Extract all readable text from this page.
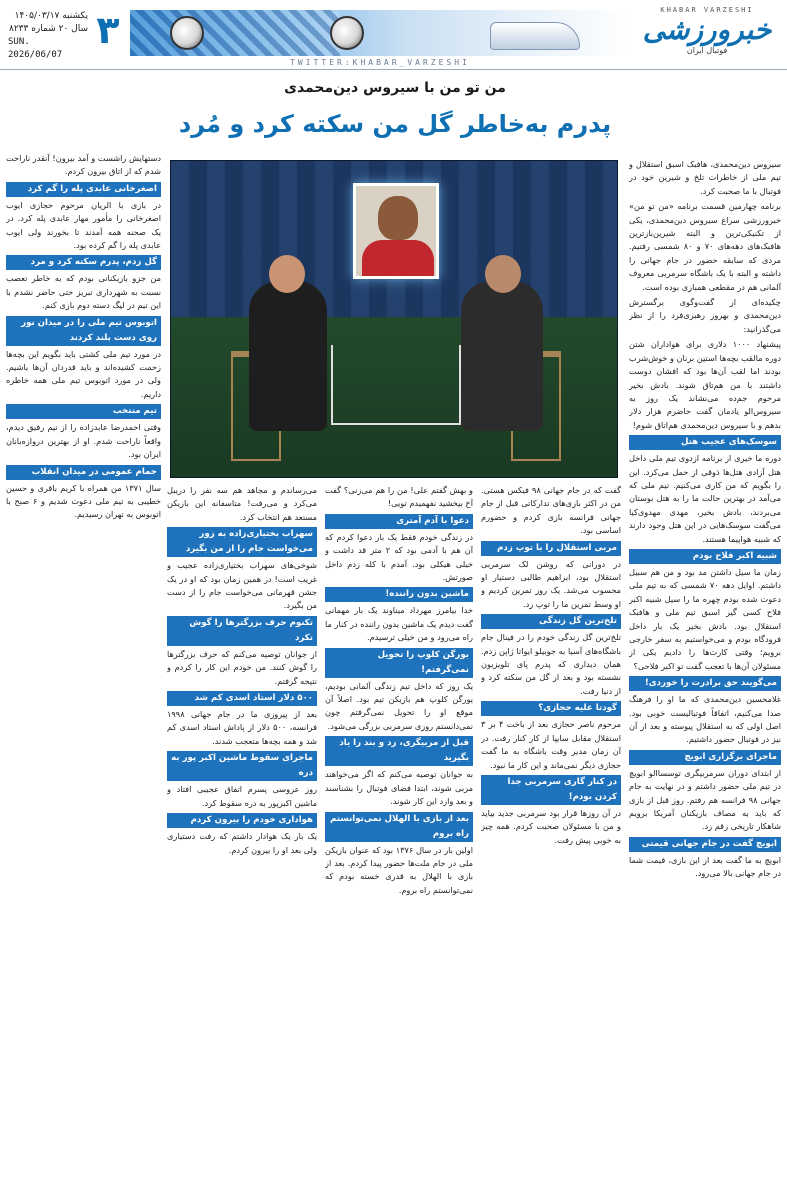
یکشنبه ۱۴۰۵/۰۳/۱۷
سال ۲۰ شماره ۸۲۳۳
SUN. 2026/06/07
۳
TWITTER:KHABAR_VARZESHI
KHABAR VARZESHI
خبرورزشی
فوتبال ایران
من تو من با سیروس دین‌محمدی
پدرم به‌خاطر گل من سکته کرد و مُرد

سیروس دین‌محمدی، هافبک اسبق استقلال و تیم ملی از خاطرات تلخ و شیرین خود در فوتبال با ما صحبت کرد.

برنامه چهارمین قسمت برنامه «من تو من» خبرورزشی سراغ سیروس دین‌محمدی، یکی از تکنیکی‌ترین و البته شیرین‌بازترین هافبک‌های دهه‌های ۷۰ و ۸۰ شمسی رفتیم. مردی که سابقه حضور در جام جهانی را داشته و البته با یک باشگاه سرمربی معروف آلمانی هم در مقطعی همبازی بوده است.

چکیده‌ای از گفت‌وگوی برگسترش دین‌محمدی و بهروز رهبری‌فرد را از نظر می‌گذرانید:

پیشنهاد ۱۰۰۰ دلاری برای هواداران شتن دوره ما‌لقب بچه‌ها استین برنان و خوش‌شرب بودند اما لقب آن‌ها بود که افشان دوست داشتند با من هم‌تاق شوند. بادش بخیر مرحوم جم‌ده می‌نشاند یک روز به سیروس‌الو یادمان گفت حاضرم هزار دلار بدهم و با سیروس دین‌محمدی هم‌اتاق شوم!

سوسک‌های عجیب هتل

دوره ما خیری از برنامه ازدوی تیم ملی داخل هتل آزادی هتل‌ها ذوقی از حمل می‌کرد. این را بگویم که من کاری می‌کنیم. تیم ملی که می‌آمد در بهترین حالت ما را به هتل بوستان می‌بردند، بادش بخیر، مهدی مهدوی‌کیا می‌گفت سوسک‌هایی در این هتل وجود دارند که شبیه هواپیما هستند.

شبیه اکبر فلاح بودم

زمان ما سیل داشتن مد بود و من هم سبیل داشتم. اوایل دهه ۷۰ شمسی که به تیم ملی دعوت شده بودم چهره ما را سیل شبیه اکبر فلاح کسی گیر اسبق تیم ملی و هافبک استقلال بود. بادش بخیر یک بار داخل فرودگاه بودم و می‌خواستیم به سفر خارجی برویم؛ وقتی کارت‌ها را دادیم یکی از مسئولان آن‌ها با تعجب گفت تو اکبر فلاحی؟

می‌گویند حق برادرت را خوردی!

غلامحسین دین‌محمدی که ما او را فرهنگ صدا می‌کنیم، اتفاقاً فوتبالیست خوبی بود. اصل اولی که به استقلال پیوسته و بعد از آن نیز در فوتبال حضور داشتیم.

ماجرای برگزاری ابویچ

از ابتدای دوران سرمربیگری توسساالو ابویچ در تیم ملی حضور داشتم و در نهایت به جام جهانی ۹۸ فرانسه هم رفتم. روز قبل از بازی که باید به مصاف بازیکنان آمریکا برویم شاهکار تاریخی رقم زد.

ابویچ گفت در جام جهانی قیمتی

ابویچ به ما گفت بعد از این بازی، قیمت شما در جام جهانی بالا می‌رود.

گفت که در جام جهانی ۹۸ فیکس هستی. من در اکثر بازی‌های تدارکاتی قبل از جام جهانی فرانسه بازی کردم و حضورم اساسی بود.

مربی استقلال را با توپ زدم

در دورانی که روشن لک سرمربی استقلال بود، ابراهیم طالبی دستیار او محسوب می‌شد. یک روز تمرین کردیم و او وسط تمرین ما را توپ زد.

تلخ‌ترین گل زندگی

تلخ‌ترین گل زندگی خودم را در فینال جام باشگاه‌های آسیا به جوبیلو ایواتا ژاپن زدم. همان دیداری که پدرم پای تلویزیون نشسته بود و بعد از گل من سکته کرد و از دنیا رفت.

گودتا علیه حجازی؟

مرحوم ناصر حجازی بعد از باخت ۴ بر ۳ استقلال مقابل سایپا از کار کنار رفت. در آن زمان مدیر وقت باشگاه به ما گفت حجازی دیگر نمی‌ماند و این کار ما نبود.

در کنار گاری سرمربی جدا کردن بودم!

در آن روزها قرار بود سرمربی جدید بیاید و من با مسئولان صحبت کردم. همه چیز به خوبی پیش رفت.

و بهش گفتم علی! من را هم می‌زنی؟ گفت آخ بیخشید نفهمیدم تویی!

دعوا با آدم آمتری

در زندگی خودم فقط یک بار دعوا کردم که آن هم با آدمی بود که ۲ متر قد داشت و خیلی هیکلی بود. آمدم با کله زدم داخل صورتش.

ماشین بدون راننده!

خدا بیامرز مهرداد میناوند یک بار مهمانی گفت دیدم یک ماشین بدون راننده در کنار ما راه می‌رود و من خیلی ترسیدم.

بورگن کلوپ را تحویل نمی‌گرفتم!

یک روز که داخل تیم زندگی آلمانی بودیم، یورگن کلوپ هم بازیکن تیم بود. اصلاً آن موقع او را تحویل نمی‌گرفتم چون نمی‌دانستم روزی سرمربی بزرگی می‌شود.

قبل از مربیگری، زد و بند را یاد بگیرید

به جوانان توصیه می‌کنم که اگر می‌خواهند مربی شوند، ابتدا فضای فوتبال را بشناسند و بعد وارد این کار شوند.

بعد از بازی با الهلال نمی‌توانستم راه بروم

اولین بار در سال ۱۳۷۶ بود که عنوان بازیکن ملی در جام ملت‌ها حضور پیدا کردم. بعد از بازی با الهلال به قدری خسته بودم که نمی‌توانستم راه بروم.

می‌رساندم و مجاهد هم سه نفر را دریبل می‌کرد و می‌رفت! متاسفانه این بازیکن مستعد هم انتخاب کرد.

سهراب بختیاری‌زاده به زور می‌خواست جام را از من بگیرد

شوخی‌های سهراب بختیاری‌زاده عجیب و غریب است! در همین زمان بود که او در یک جشن قهرمانی می‌خواست جام را از دست من بگیرد.

تکنوم حرف بزرگترها را گوش نکرد

از جوانان توصیه می‌کنم که حرف بزرگترها را گوش کنند. من خودم این کار را کردم و نتیجه گرفتم.

۵۰۰ دلار استاد اسدی کم شد

بعد از پیروزی ما در جام جهانی ۱۹۹۸ فرانسه، ۵۰۰ دلار از پاداش استاد اسدی کم شد و همه بچه‌ها متعجب شدند.

ماجرای سقوط ماشین اکبر پور به دره

روز عروسی پسرم اتفاق عجیبی افتاد و ماشین اکبرپور به دره سقوط کرد.

هواداری خودم را بیرون کردم

یک بار یک هوادار داشتم که رفت دستیاری ولی بعد او را بیرون کردم.

دستهایش راشست و آمد بیرون! آنقدر ناراحت شدم که از اتاق بیرون کردم.

اصغرخانی عابدی پله را گم کرد

در بازی با الریان مرحوم حجازی ایوب اصغرخانی را مأمور مهار عابدی پله کرد. در یک صحنه همه آمدند تا بخورند ولی ایوب عابدی پله را گم کرده بود.

گل زدم، پدرم سکته کرد و مرد

من جزو بازیکنانی بودم که به خاطر تعصب نسبت به شهرداری تبریز حتی حاضر نشدم با این تیم در لیگ دسته دوم بازی کنم.

اتوبوس تیم ملی را در میدان نور روی دست بلند کردند

در مورد تیم ملی کشتی باید بگویم این بچه‌ها زحمت کشیده‌اند و باید قدردان آن‌ها باشیم. ولی در مورد اتوبوس تیم ملی همه خاطره داریم.

تیم منتخب

وقتی احمدرضا عابدزاده را از تیم رفیق دیدم، واقعاً ناراحت شدم. او از بهترین دروازه‌بانان ایران بود.

حمام عمومی در میدان انقلاب

سال ۱۳۷۱ من همراه با کریم باقری و حسین خطیبی به تیم ملی دعوت شدیم و ۶ صبح با اتوبوس به تهران رسیدیم.
